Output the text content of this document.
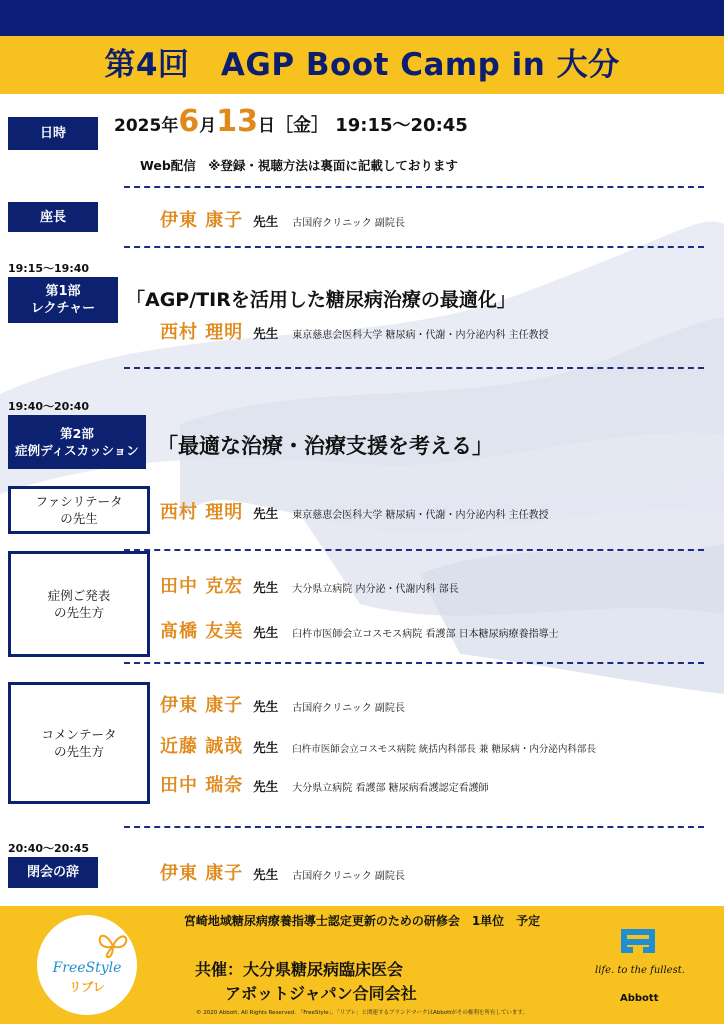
第4回　AGP Boot Camp in 大分
日時	2025年6月13日［金］ 19:15～20:45
Web配信　※登録・視聴方法は裏面に記載しております
座長	伊東 康子 先生 古国府クリニック 副院長
19:15～19:40
第1部
レクチャー 「AGP/TIRを活用した糖尿病治療の最適化」
西村 理明 先生 東京慈恵会医科大学 糖尿病・代謝・内分泌内科 主任教授
19:40～20:40
第2部
症例ディスカッション 「最適な治療・治療支援を考える」
ファシリテータ
の先生	西村 理明 先生 東京慈恵会医科大学 糖尿病・代謝・内分泌内科 主任教授
症例ご発表
の先生方
田中 克宏 先生 大分県立病院 内分泌・代謝内科 部長
髙橋 友美 先生 臼杵市医師会立コスモス病院 看護部 日本糖尿病療養指導士
コメンテータ
の先生方
伊東 康子 先生 古国府クリニック 副院長
近藤 誠哉 先生 臼杵市医師会立コスモス病院 統括内科部長 兼 糖尿病・内分泌内科部長
田中 瑞奈 先生 大分県立病院 看護部 糖尿病看護認定看護師
20:40～20:45
閉会の辞	伊東 康子 先生 古国府クリニック 副院長
宮崎地域糖尿病療養指導士認定更新のための研修会　1単位　予定
FreeStyle
リブレ
共催：大分県糖尿病臨床医会
アボットジャパン合同会社
life. to the fullest.
Abbott
© 2020 Abbott. All Rights Reserved. 「FreeStyle」、「リブレ」と関連するブランドマークはAbbottがその権利を所有しています。
